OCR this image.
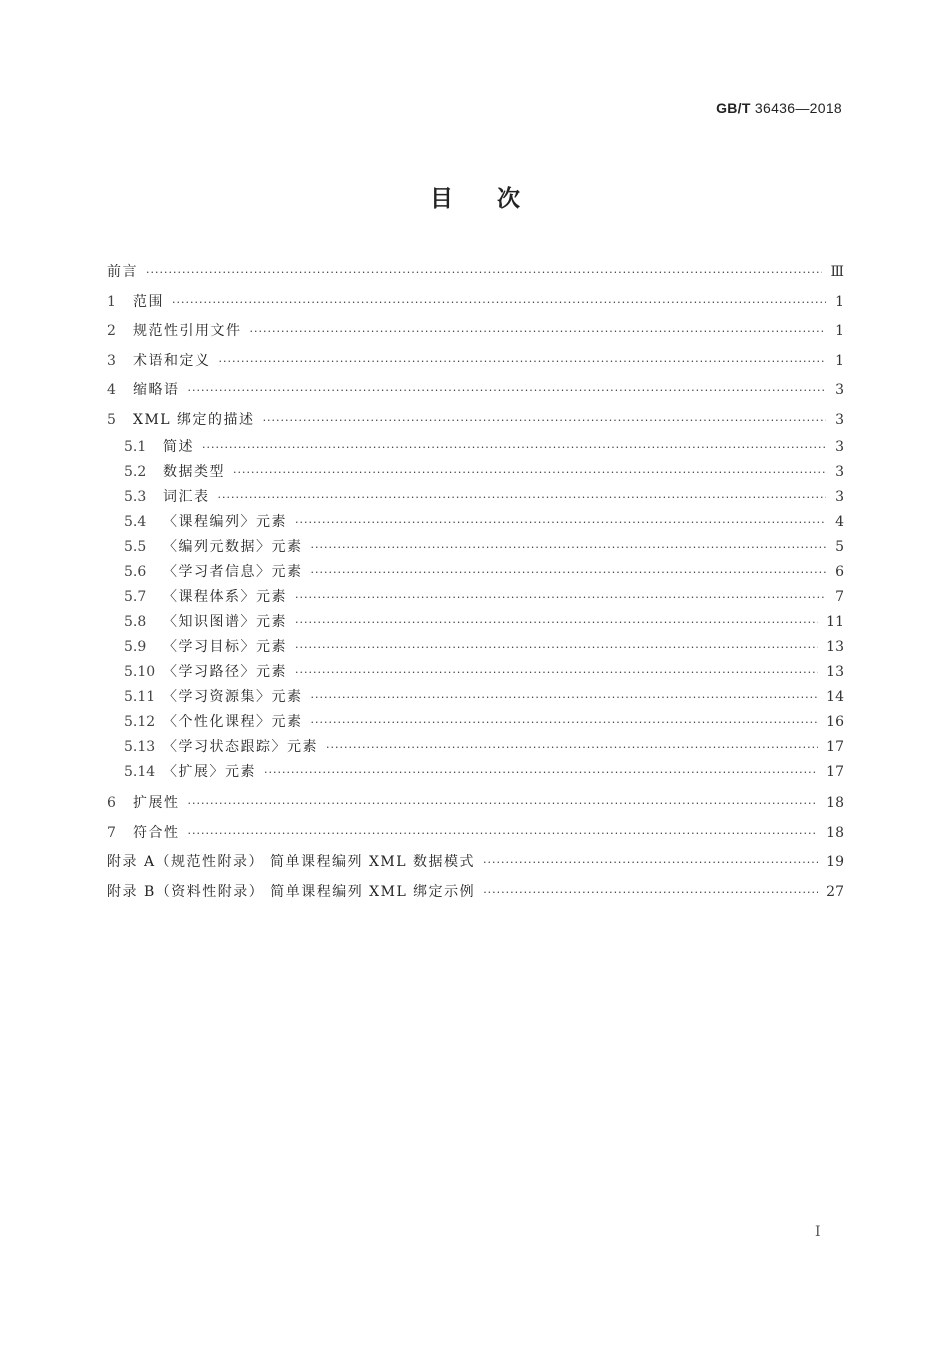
GB/T 36436—2018
目次
前言 ·····	Ⅲ
1	范围 ·····	1
2	规范性引用文件 ·····	1
3	术语和定义 ·····	1
4	缩略语 ·····	3
5	XML 绑定的描述 ·····	3
5.1	简述 ·····	3
5.2	数据类型 ·····	3
5.3	词汇表 ·····	3
5.4	〈课程编列〉元素 ·····	4
5.5	〈编列元数据〉元素 ·····	5
5.6	〈学习者信息〉元素 ·····	6
5.7	〈课程体系〉元素 ·····	7
5.8	〈知识图谱〉元素 ·····	11
5.9	〈学习目标〉元素 ·····	13
5.10 〈学习路径〉元素 ·····	13
5.11 〈学习资源集〉元素 ·····	14
5.12 〈个性化课程〉元素 ·····	16
5.13 〈学习状态跟踪〉元素 ·····	17
5.14 〈扩展〉元素 ·····	17
6	扩展性 ·····	18
7	符合性 ·····	18
附录 A（规范性附录） 简单课程编列 XML 数据模式 ·····	19
附录 B（资料性附录） 简单课程编列 XML 绑定示例 ·····	27
I
